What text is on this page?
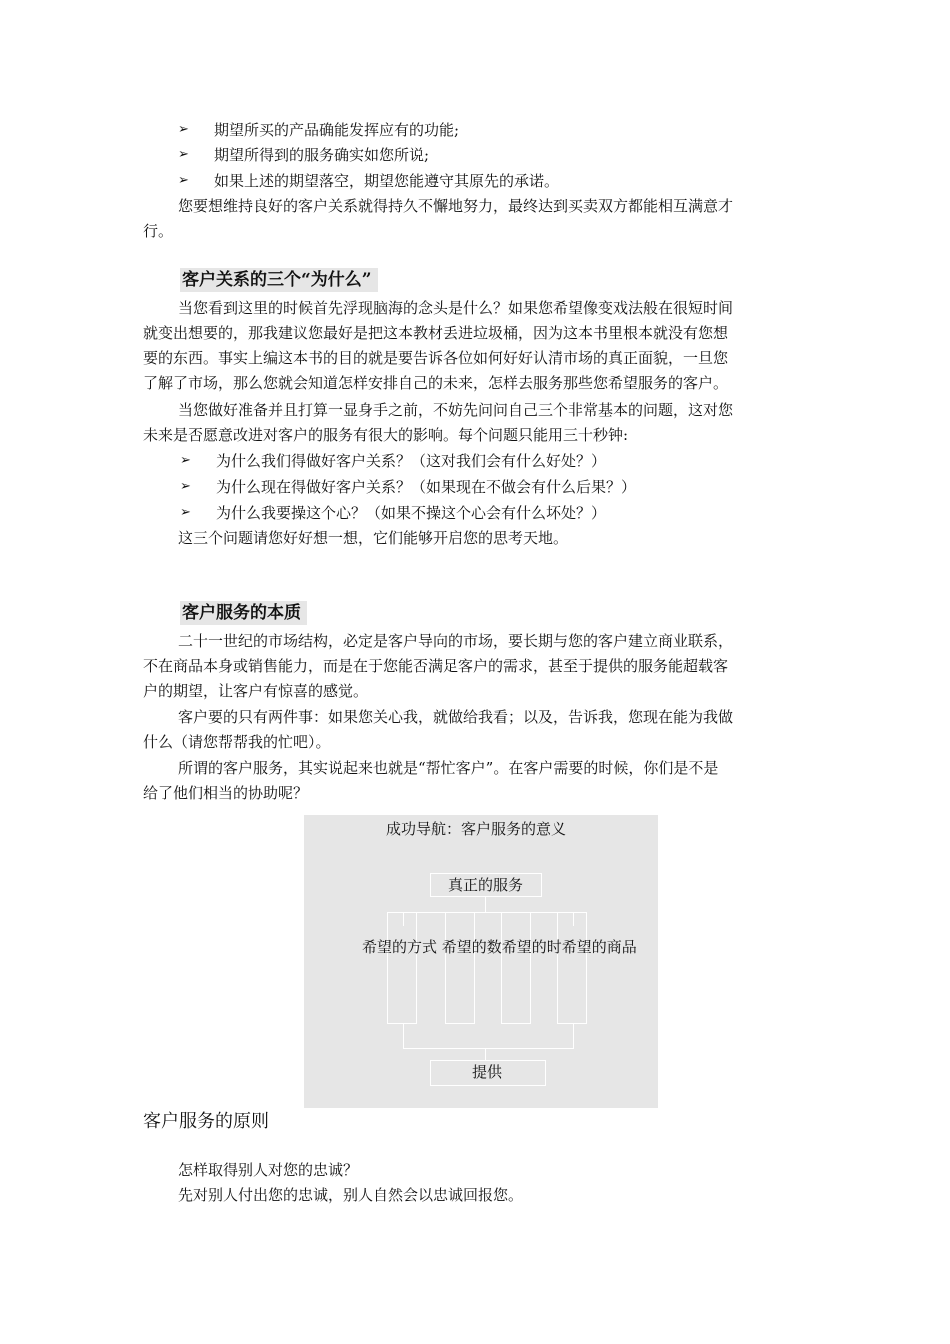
➢ 期望所买的产品确能发挥应有的功能;
➢ 期望所得到的服务确实如您所说;
➢ 如果上述的期望落空，期望您能遵守其原先的承诺。
您要想维持良好的客户关系就得持久不懈地努力，最终达到买卖双方都能相互满意才
行。
客户关系的三个“为什么”
当您看到这里的时候首先浮现脑海的念头是什么？如果您希望像变戏法般在很短时间
就变出想要的，那我建议您最好是把这本教材丢进垃圾桶，因为这本书里根本就没有您想
要的东西。事实上编这本书的目的就是要告诉各位如何好好认清市场的真正面貌，一旦您
了解了市场，那么您就会知道怎样安排自己的未来，怎样去服务那些您希望服务的客户。
当您做好准备并且打算一显身手之前，不妨先问问自己三个非常基本的问题，这对您
未来是否愿意改进对客户的服务有很大的影响。每个问题只能用三十秒钟:
➢ 为什么我们得做好客户关系？（这对我们会有什么好处？）
➢ 为什么现在得做好客户关系？（如果现在不做会有什么后果？）
➢ 为什么我要操这个心？（如果不操这个心会有什么坏处？）
这三个问题请您好好想一想，它们能够开启您的思考天地。
客户服务的本质
二十一世纪的市场结构，必定是客户导向的市场，要长期与您的客户建立商业联系，
不在商品本身或销售能力，而是在于您能否满足客户的需求，甚至于提供的服务能超载客
户的期望，让客户有惊喜的感觉。
客户要的只有两件事：如果您关心我，就做给我看；以及，告诉我，您现在能为我做
什么（请您帮帮我的忙吧）。
所谓的客户服务，其实说起来也就是“帮忙客户”。在客户需要的时候，你们是不是
给了他们相当的协助呢？
成功导航：客户服务的意义
真正的服务
希望的方式 希望的数希望的时希望的商品
提供
客户服务的原则
怎样取得别人对您的忠诚？
先对别人付出您的忠诚，别人自然会以忠诚回报您。
